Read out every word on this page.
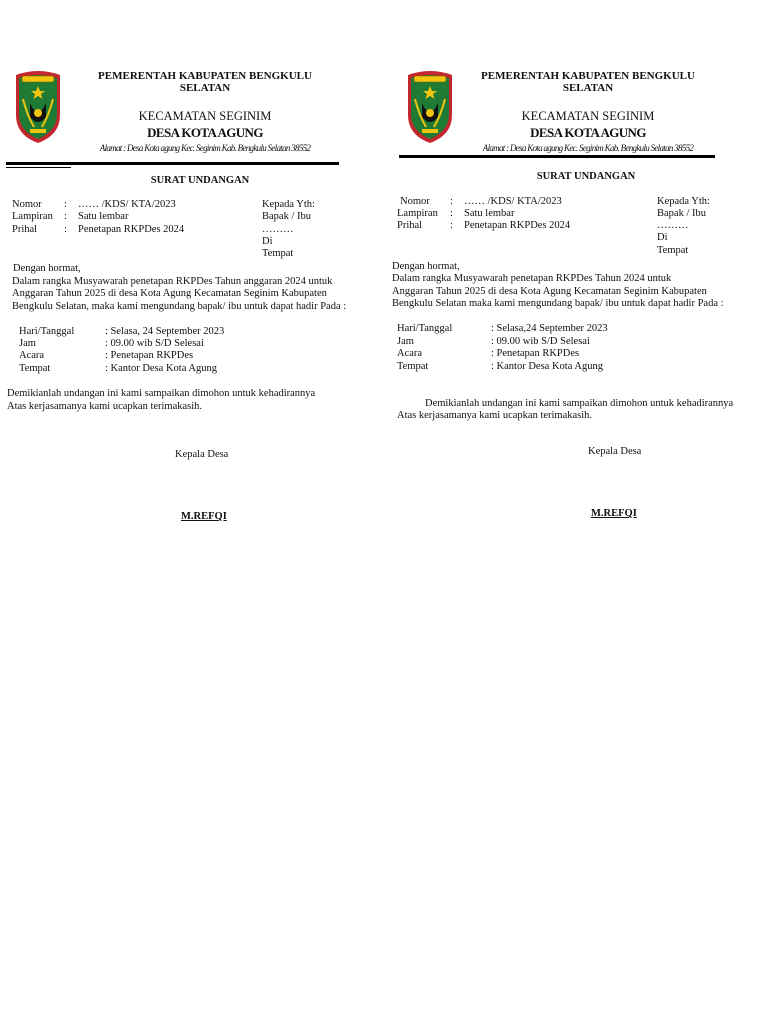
PEMERENTAH KABUPATEN BENGKULU
SELATAN
KECAMATAN SEGINIM
DESA KOTA AGUNG
Alamat : Desa Kota agung Kec. Seginim Kab. Bengkulu Selatan 38552
SURAT UNDANGAN
Nomor : …… /KDS/ KTA/2023
Lampiran : Satu lembar
Prihal	: Penetapan RKPDes 2024
Kepada Yth:
Bapak / Ibu
………
Di
Tempat
Dengan hormat,
Dalam rangka Musyawarah penetapan RKPDes Tahun anggaran 2024 untuk
Anggaran Tahun 2025 di desa Kota Agung Kecamatan Seginim Kabupaten
Bengkulu Selatan, maka kami mengundang bapak/ ibu untuk dapat hadir Pada :
Hari/Tanggal	: Selasa, 24 September 2023
Jam	: 09.00 wib S/D Selesai
Acara	: Penetapan RKPDes
Tempat	: Kantor Desa Kota Agung
Demikianlah undangan ini kami sampaikan dimohon untuk kehadirannya
Atas kerjasamanya kami ucapkan terimakasih.
Kepala Desa
M.REFQI
PEMERENTAH KABUPATEN BENGKULU
SELATAN
KECAMATAN SEGINIM
DESA KOTA AGUNG
Alamat : Desa Kota agung Kec. Seginim Kab. Bengkulu Selatan 38552
SURAT UNDANGAN
Nomor : …… /KDS/ KTA/2023
Lampiran : Satu lembar
Prihal	: Penetapan RKPDes 2024
Kepada Yth:
Bapak / Ibu
………
Di
Tempat
Dengan hormat,
Dalam rangka Musyawarah penetapan RKPDes Tahun 2024 untuk
Anggaran Tahun 2025 di desa Kota Agung Kecamatan Seginim Kabupaten
Bengkulu Selatan maka kami mengundang bapak/ ibu untuk dapat hadir Pada :
Hari/Tanggal	: Selasa,24 September 2023
Jam	: 09.00 wib S/D Selesai
Acara	: Penetapan RKPDes
Tempat	: Kantor Desa Kota Agung
Demikianlah undangan ini kami sampaikan dimohon untuk kehadirannya
Atas kerjasamanya kami ucapkan terimakasih.
Kepala Desa
M.REFQI
